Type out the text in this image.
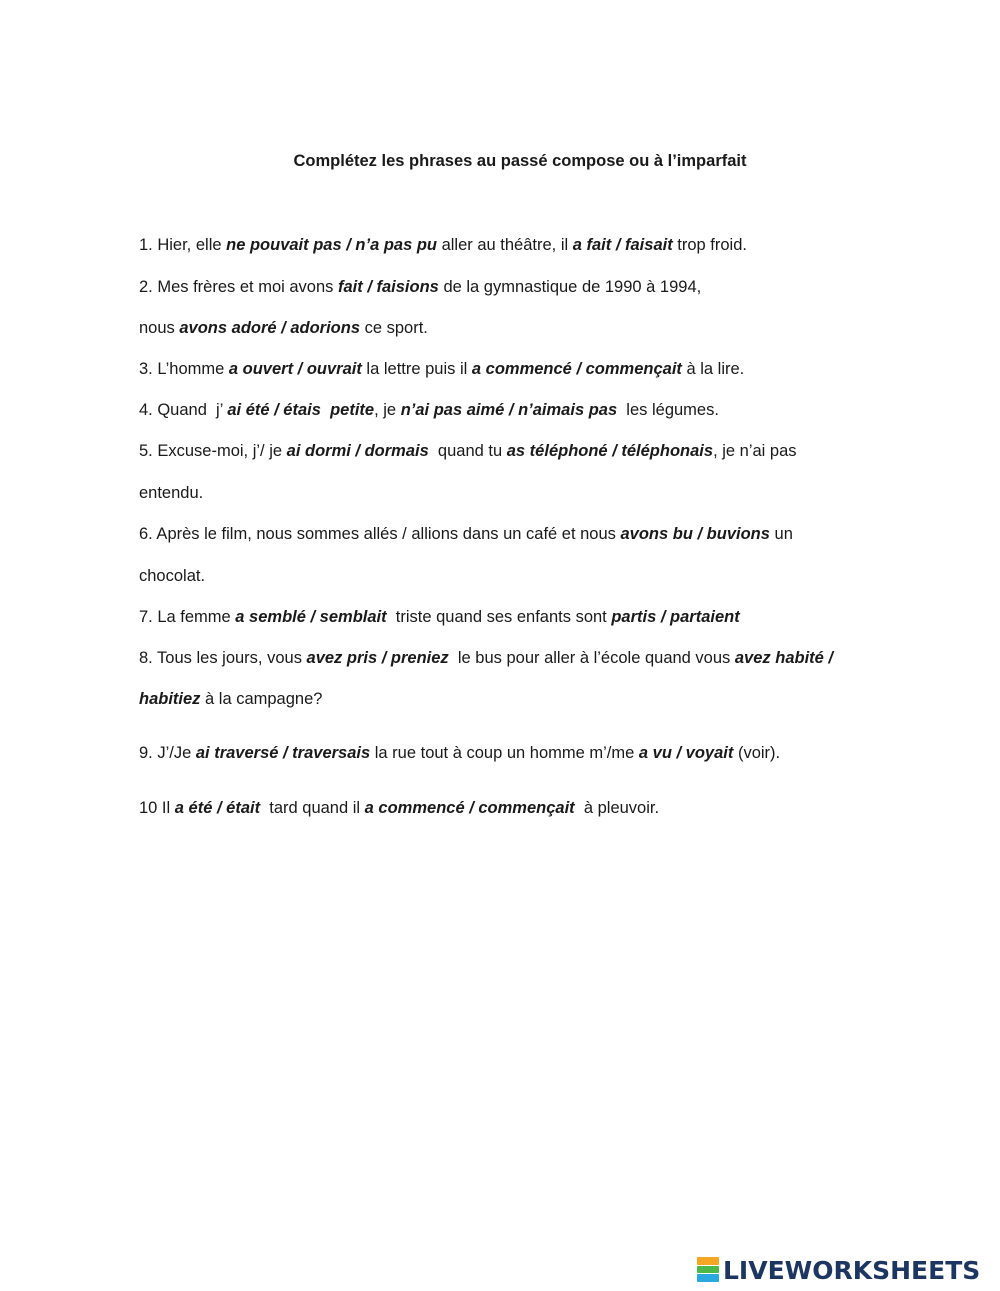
Complétez les phrases au passé compose ou à l’imparfait
1. Hier, elle ne pouvait pas / n’a pas pu aller au théâtre, il a fait / faisait trop froid.
2. Mes frères et moi avons fait / faisions de la gymnastique de 1990 à 1994,
nous avons adoré / adorions ce sport.
3. L’homme a ouvert / ouvrait la lettre puis il a commencé / commençait à la lire.
4. Quand  j’ ai été / étais  petite, je n’ai pas aimé / n’aimais pas  les légumes.
5. Excuse-moi, j’/ je ai dormi / dormais  quand tu as téléphoné / téléphonais, je n’ai pas
entendu.
6. Après le film, nous sommes allés / allions dans un café et nous avons bu / buvions un
chocolat.
7. La femme a semblé / semblait  triste quand ses enfants sont partis / partaient
8. Tous les jours, vous avez pris / preniez  le bus pour aller à l’école quand vous avez habité /
habitiez à la campagne?
9. J’/Je ai traversé / traversais la rue tout à coup un homme m’/me a vu / voyait (voir).
10 Il a été / était  tard quand il a commencé / commençait  à pleuvoir.
LIVEWORKSHEETS
